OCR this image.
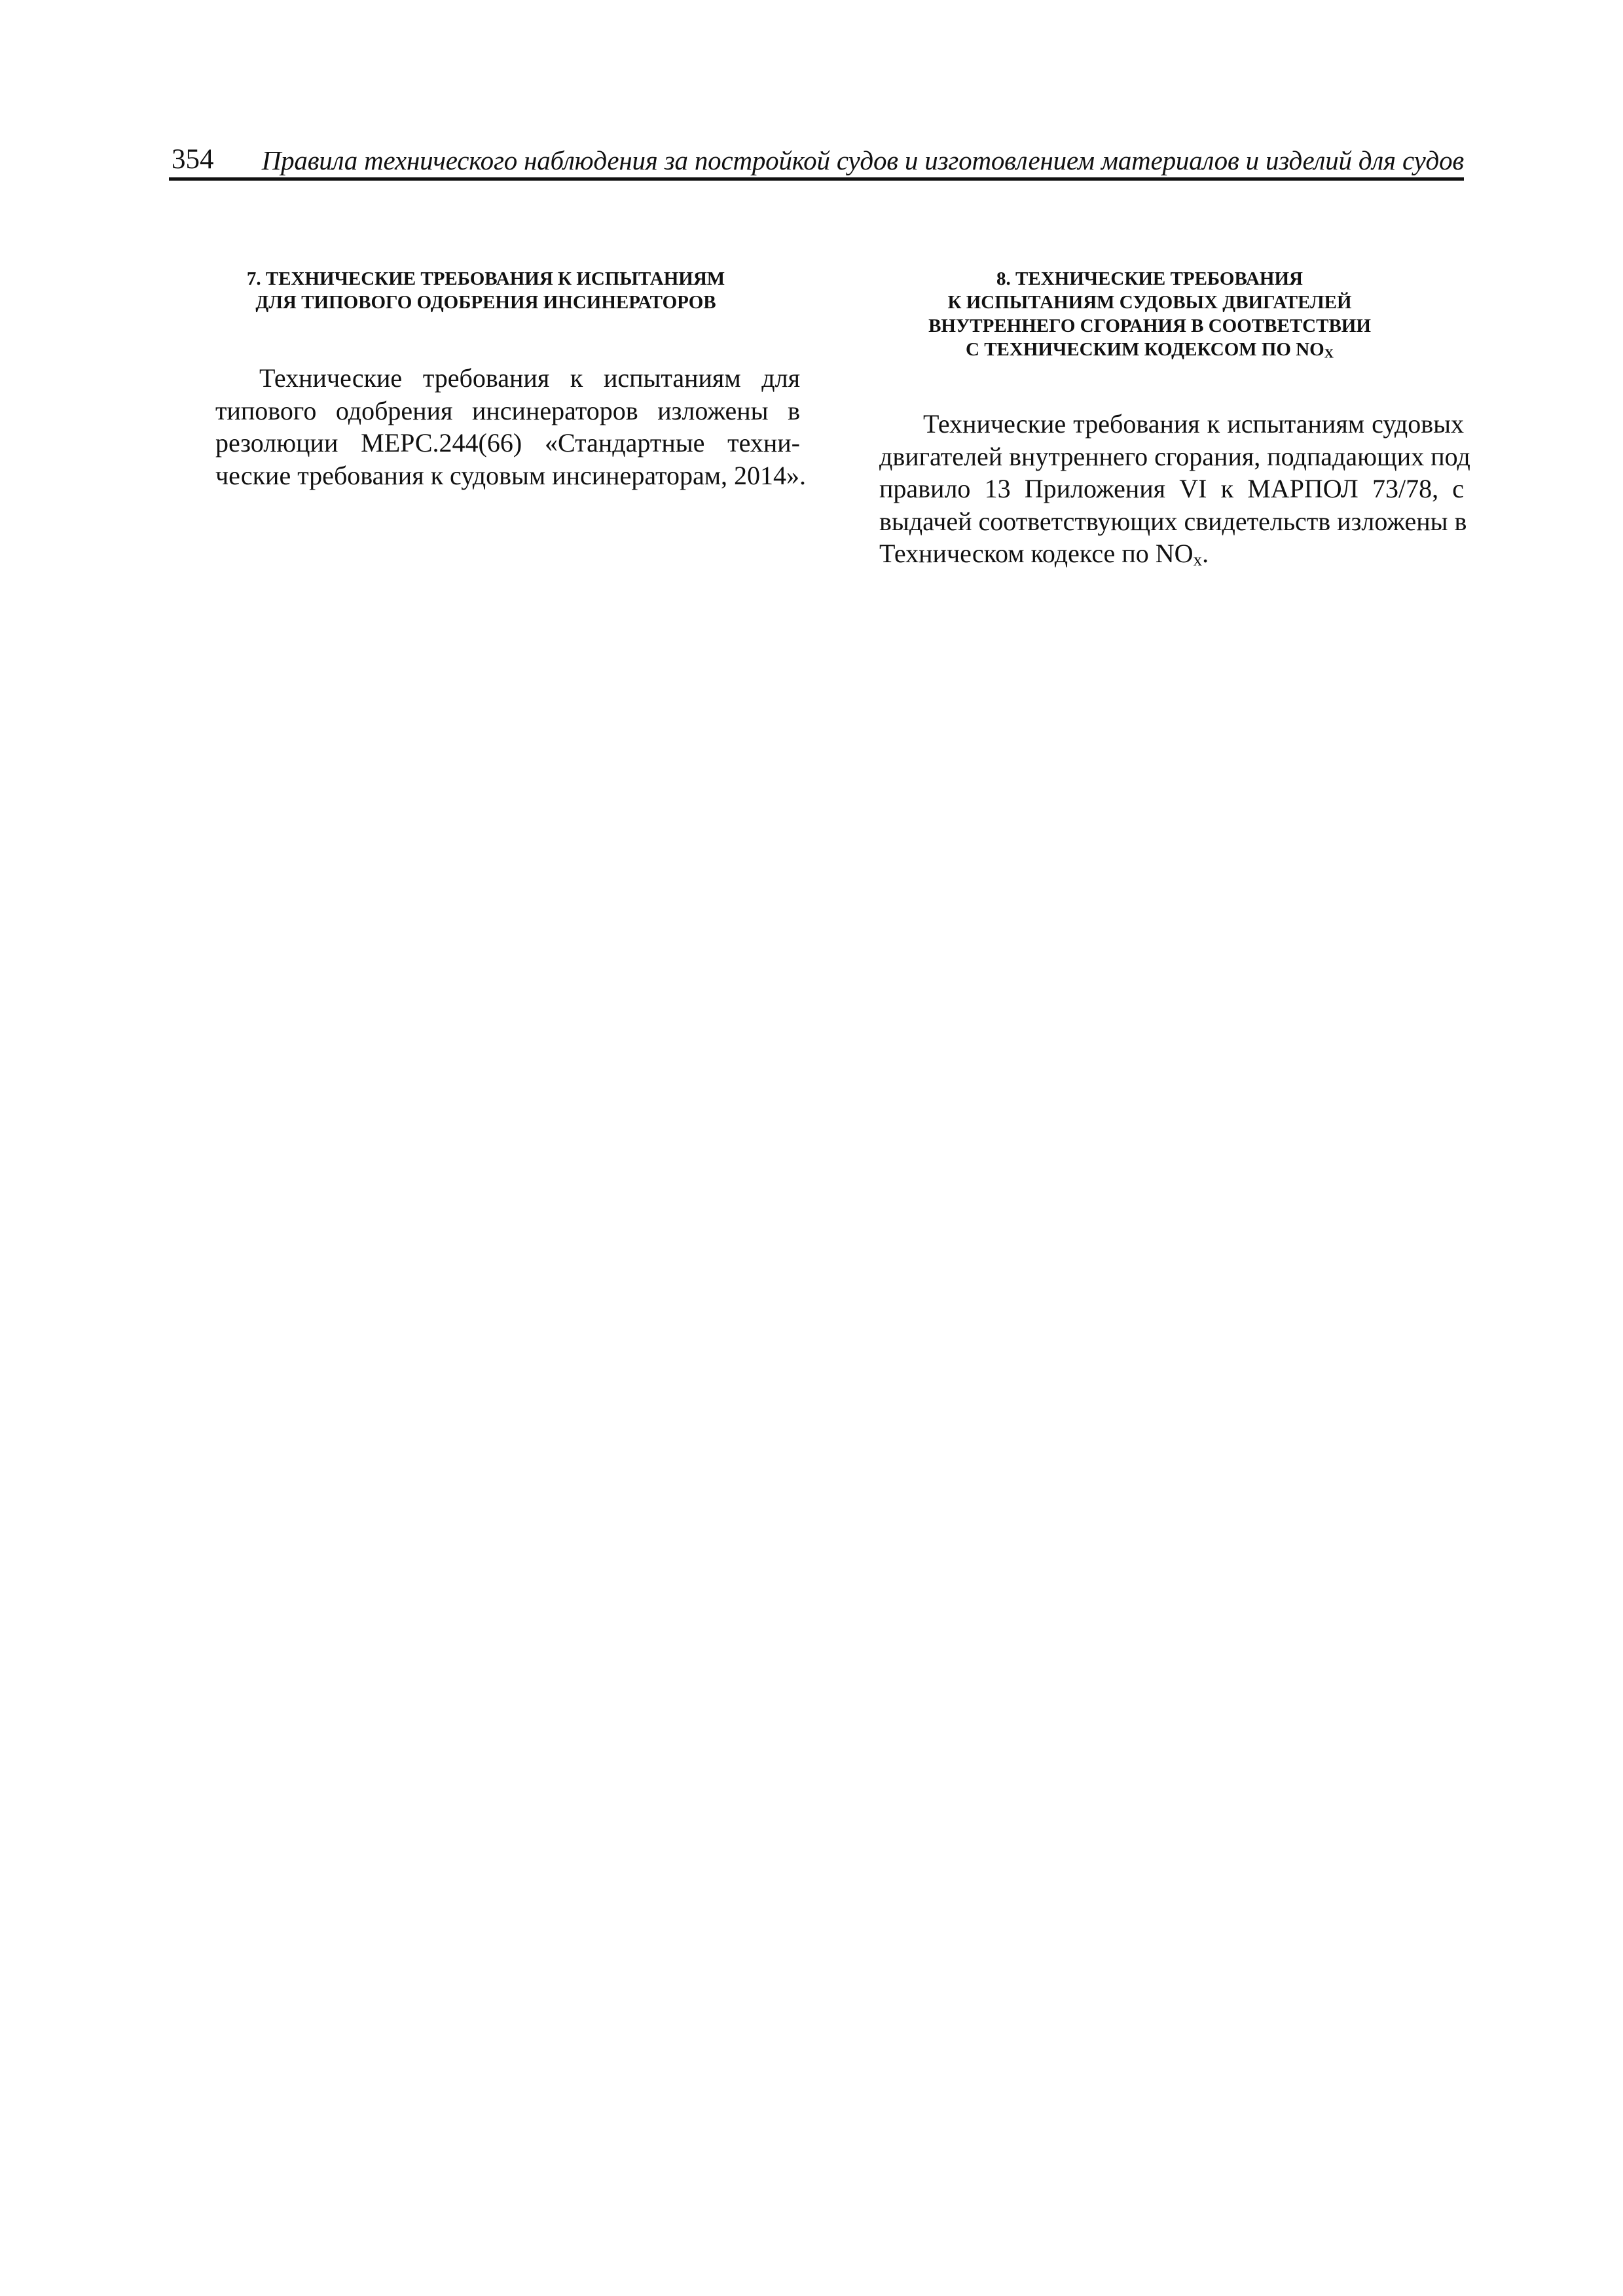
354 Правила технического наблюдения за постройкой судов и изготовлением материалов и изделий для судов
7. ТЕХНИЧЕСКИЕ ТРЕБОВАНИЯ К ИСПЫТАНИЯМ
ДЛЯ ТИПОВОГО ОДОБРЕНИЯ ИНСИНЕРАТОРОВ

Технические требования к испытаниям для
типового одобрения инсинераторов изложены в
резолюции МЕРС.244(66) «Стандартные техни-
ческие требования к судовым инсинераторам, 2014».

8. ТЕХНИЧЕСКИЕ ТРЕБОВАНИЯ
К ИСПЫТАНИЯМ СУДОВЫХ ДВИГАТЕЛЕЙ
ВНУТРЕННЕГО СГОРАНИЯ В СООТВЕТСТВИИ
С ТЕХНИЧЕСКИМ КОДЕКСОМ ПО NOX

Технические требования к испытаниям судовых
двигателей внутреннего сгорания, подпадающих под
правило 13 Приложения VI к МАРПОЛ 73/78, с
выдачей соответствующих свидетельств изложены в
Техническом кодексе по NOx.
